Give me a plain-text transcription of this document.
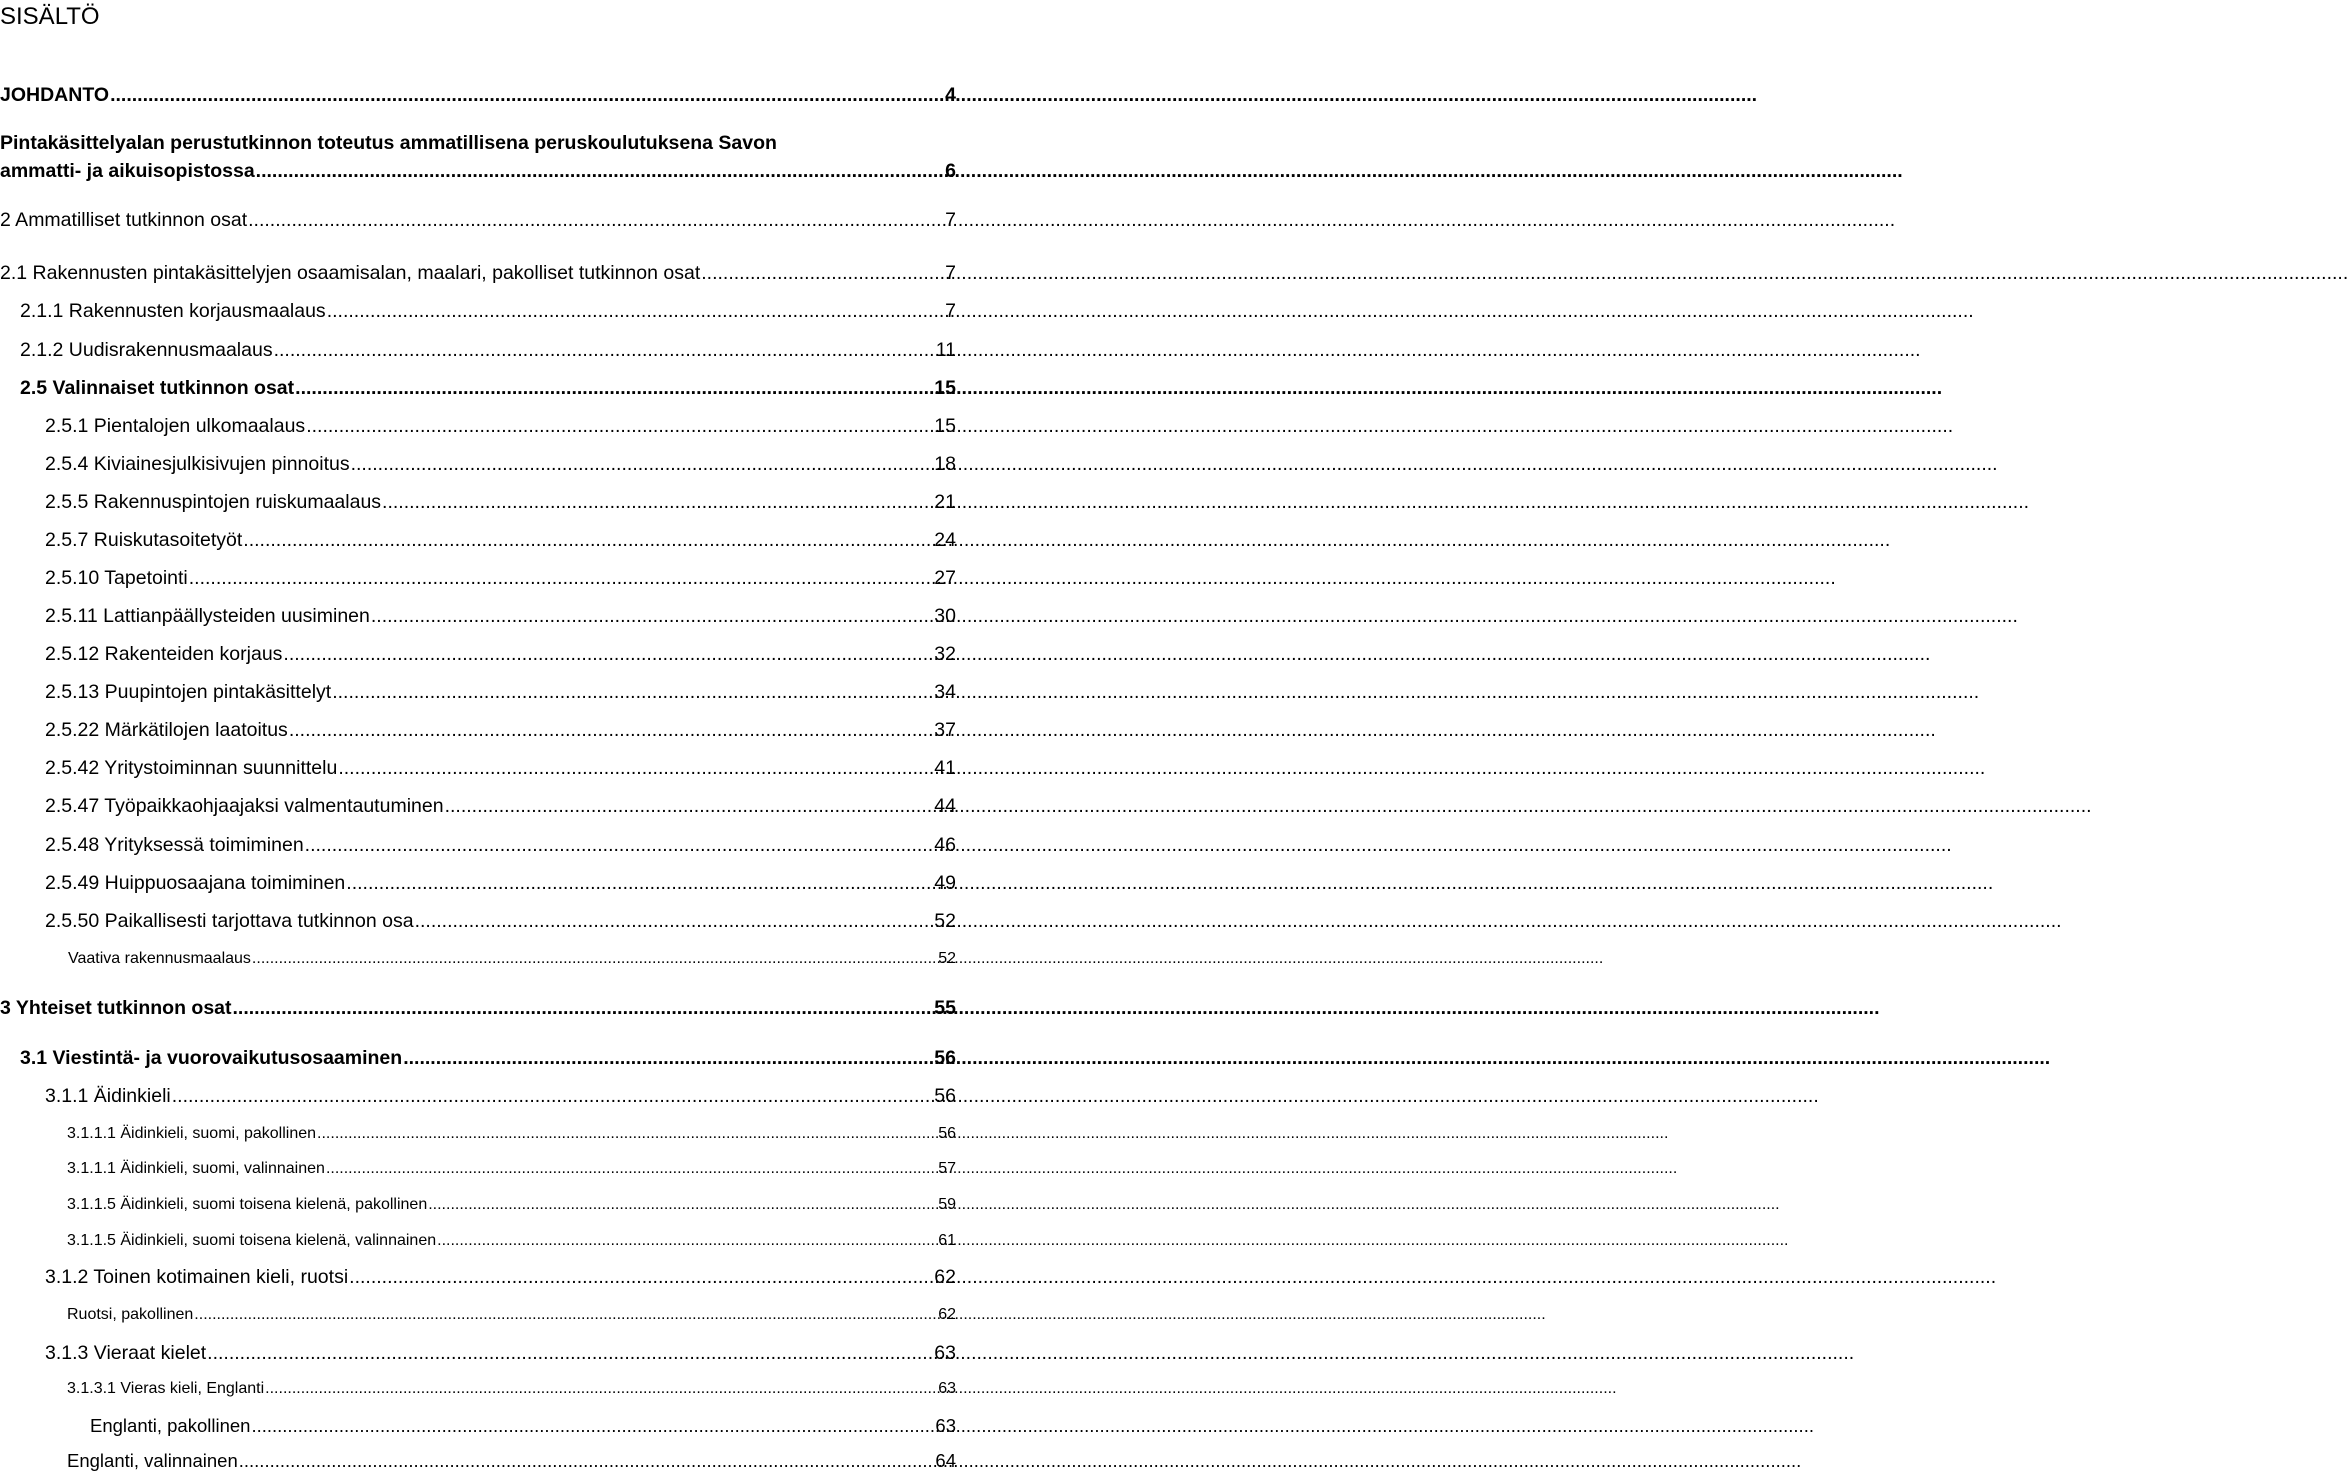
SISÄLTÖ
JOHDANTO .....	4
Pintakäsittelyalan perustutkinnon toteutus ammatillisena peruskoulutuksena Savon
ammatti- ja aikuisopistossa .....	6
2 Ammatilliset tutkinnon osat .....	7
2.1 Rakennusten pintakäsittelyjen osaamisalan, maalari, pakolliset tutkinnon osat .....	7
2.1.1 Rakennusten korjausmaalaus .....	7
2.1.2 Uudisrakennusmaalaus .....	11
2.5 Valinnaiset tutkinnon osat .....	15
2.5.1 Pientalojen ulkomaalaus .....	15
2.5.4 Kiviainesjulkisivujen pinnoitus .....	18
2.5.5 Rakennuspintojen ruiskumaalaus .....	21
2.5.7 Ruiskutasoitetyöt .....	24
2.5.10 Tapetointi .....	27
2.5.11 Lattianpäällysteiden uusiminen .....	30
2.5.12 Rakenteiden korjaus .....	32
2.5.13 Puupintojen pintakäsittelyt .....	34
2.5.22 Märkätilojen laatoitus .....	37
2.5.42 Yritystoiminnan suunnittelu .....	41
2.5.47 Työpaikkaohjaajaksi valmentautuminen .....	44
2.5.48 Yrityksessä toimiminen .....	46
2.5.49 Huippuosaajana toimiminen .....	49
2.5.50 Paikallisesti tarjottava tutkinnon osa .....	52
Vaativa rakennusmaalaus .....	52
3 Yhteiset tutkinnon osat .....	55
3.1 Viestintä- ja vuorovaikutusosaaminen .....	56
3.1.1 Äidinkieli .....	56
3.1.1.1 Äidinkieli, suomi, pakollinen .....	56
3.1.1.1 Äidinkieli, suomi, valinnainen .....	57
3.1.1.5 Äidinkieli, suomi toisena kielenä, pakollinen .....	59
3.1.1.5 Äidinkieli, suomi toisena kielenä, valinnainen .....	61
3.1.2 Toinen kotimainen kieli, ruotsi .....	62
Ruotsi, pakollinen .....	62
3.1.3 Vieraat kielet .....	63
3.1.3.1 Vieras kieli, Englanti .....	63
Englanti, pakollinen .....	63
Englanti, valinnainen .....	64
